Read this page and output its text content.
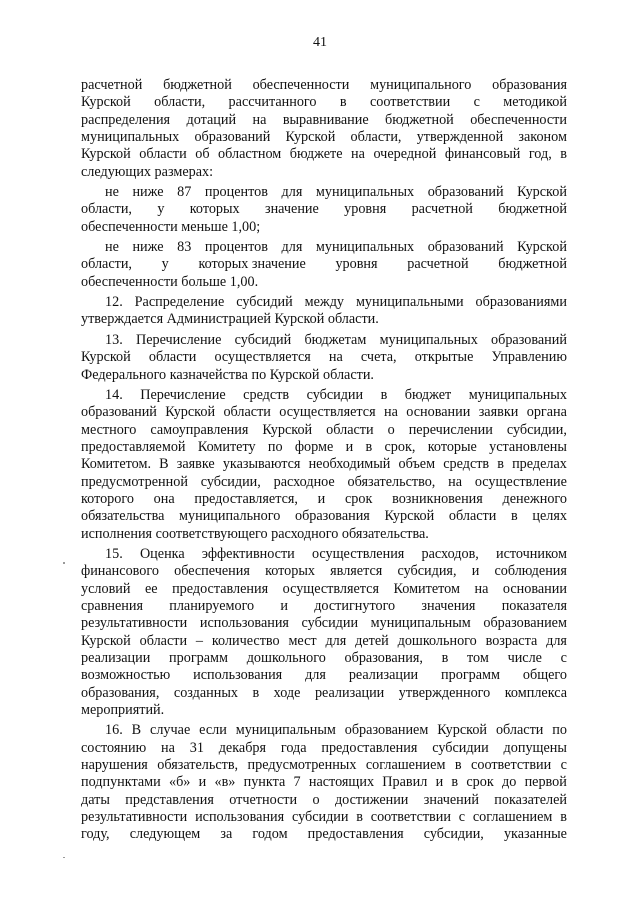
41
расчетной бюджетной обеспеченности муниципального образования
Курской области, рассчитанного в соответствии с методикой
распределения дотаций на выравнивание бюджетной обеспеченности
муниципальных образований Курской области, утвержденной законом
Курской области об областном бюджете на очередной финансовый год, в
следующих размерах:
не ниже 87 процентов для муниципальных образований Курской
области, у которых значение уровня расчетной бюджетной
обеспеченности меньше 1,00;
не ниже 83 процентов для муниципальных образований Курской
области, у которых значение уровня расчетной бюджетной
обеспеченности больше 1,00.
12. Распределение субсидий между муниципальными образованиями
утверждается Администрацией Курской области.
13. Перечисление субсидий бюджетам муниципальных образований
Курской области осуществляется на счета, открытые Управлению
Федерального казначейства по Курской области.
14. Перечисление средств субсидии в бюджет муниципальных
образований Курской области осуществляется на основании заявки органа
местного самоуправления Курской области о перечислении субсидии,
предоставляемой Комитету по форме и в срок, которые установлены
Комитетом. В заявке указываются необходимый объем средств в пределах
предусмотренной субсидии, расходное обязательство, на осуществление
которого она предоставляется, и срок возникновения денежного
обязательства муниципального образования Курской области в целях
исполнения соответствующего расходного обязательства.
15. Оценка эффективности осуществления расходов, источником
финансового обеспечения которых является субсидия, и соблюдения
условий ее предоставления осуществляется Комитетом на основании
сравнения планируемого и достигнутого значения показателя
результативности использования субсидии муниципальным образованием
Курской области – количество мест для детей дошкольного возраста для
реализации программ дошкольного образования, в том числе с
возможностью использования для реализации программ общего
образования, созданных в ходе реализации утвержденного комплекса
мероприятий.
16. В случае если муниципальным образованием Курской области по
состоянию на 31 декабря года предоставления субсидии допущены
нарушения обязательств, предусмотренных соглашением в соответствии с
подпунктами «б» и «в» пункта 7 настоящих Правил и в срок до первой
даты представления отчетности о достижении значений показателей
результативности использования субсидии в соответствии с соглашением в
году, следующем за годом предоставления субсидии, указанные
